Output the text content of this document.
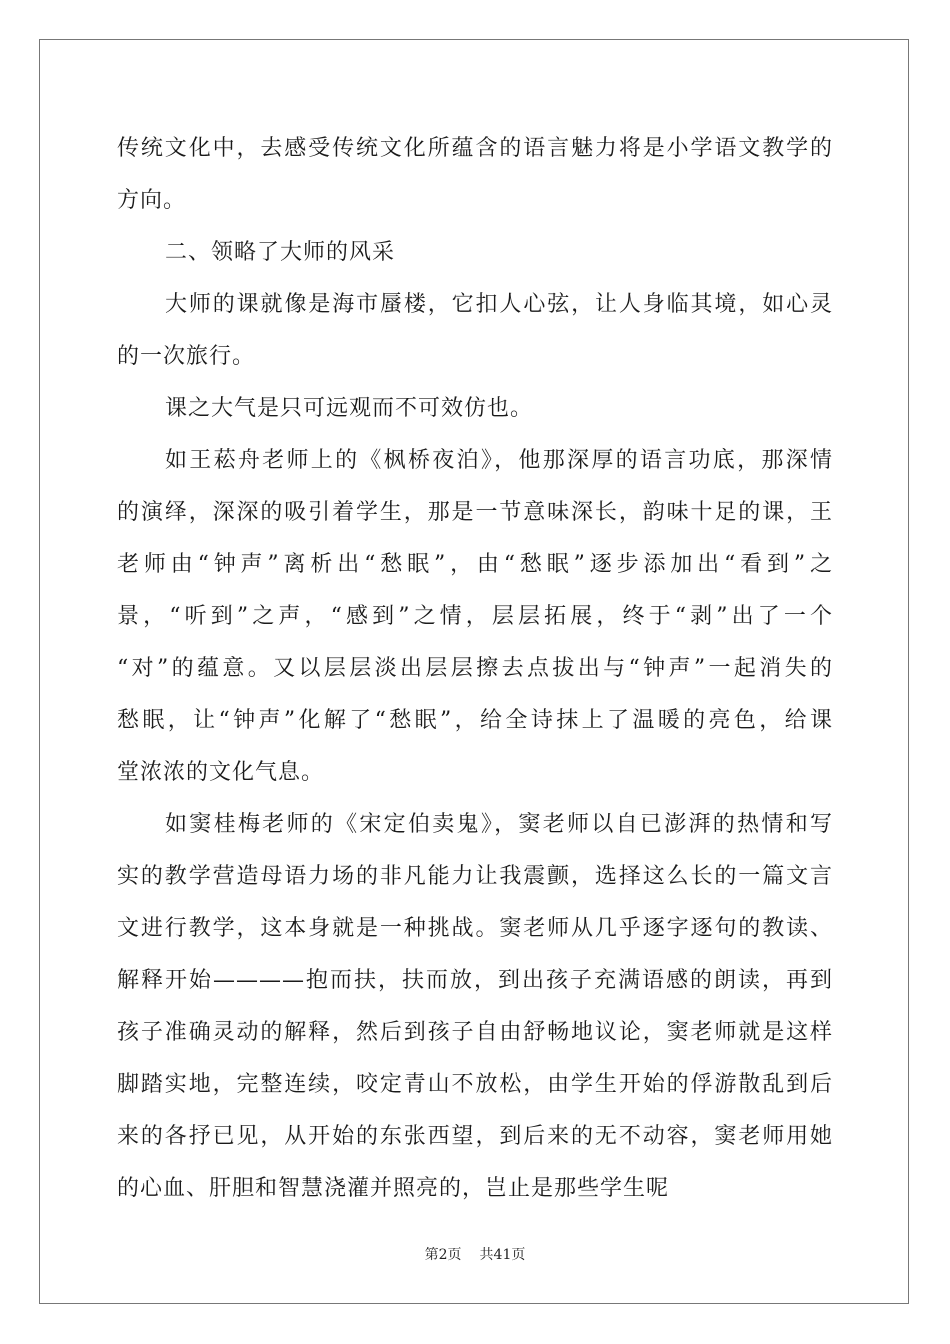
传统文化中，去感受传统文化所蕴含的语言魅力将是小学语文教学的
方向。
二、领略了大师的风采
大师的课就像是海市蜃楼，它扣人心弦，让人身临其境，如心灵
的一次旅行。
课之大气是只可远观而不可效仿也。
如王菘舟老师上的《枫桥夜泊》，他那深厚的语言功底，那深情
的演绎，深深的吸引着学生，那是一节意味深长，韵味十足的课，王
老师由“钟声”离析出“愁眠”，由“愁眠”逐步添加出“看到”之
景，“听到”之声，“感到”之情，层层拓展，终于“剥”出了一个
“对”的蕴意。又以层层淡出层层擦去点拔出与“钟声”一起消失的
愁眠，让“钟声”化解了“愁眠”，给全诗抹上了温暖的亮色，给课
堂浓浓的文化气息。
如窦桂梅老师的《宋定伯卖鬼》，窦老师以自已澎湃的热情和写
实的教学营造母语力场的非凡能力让我震颤，选择这么长的一篇文言
文进行教学，这本身就是一种挑战。窦老师从几乎逐字逐句的教读、
解释开始————抱而扶，扶而放，到出孩子充满语感的朗读，再到
孩子准确灵动的解释，然后到孩子自由舒畅地议论，窦老师就是这样
脚踏实地，完整连续，咬定青山不放松，由学生开始的俘游散乱到后
来的各抒已见，从开始的东张西望，到后来的无不动容，窦老师用她
的心血、肝胆和智慧浇灌并照亮的，岂止是那些学生呢
第2页 共41页
